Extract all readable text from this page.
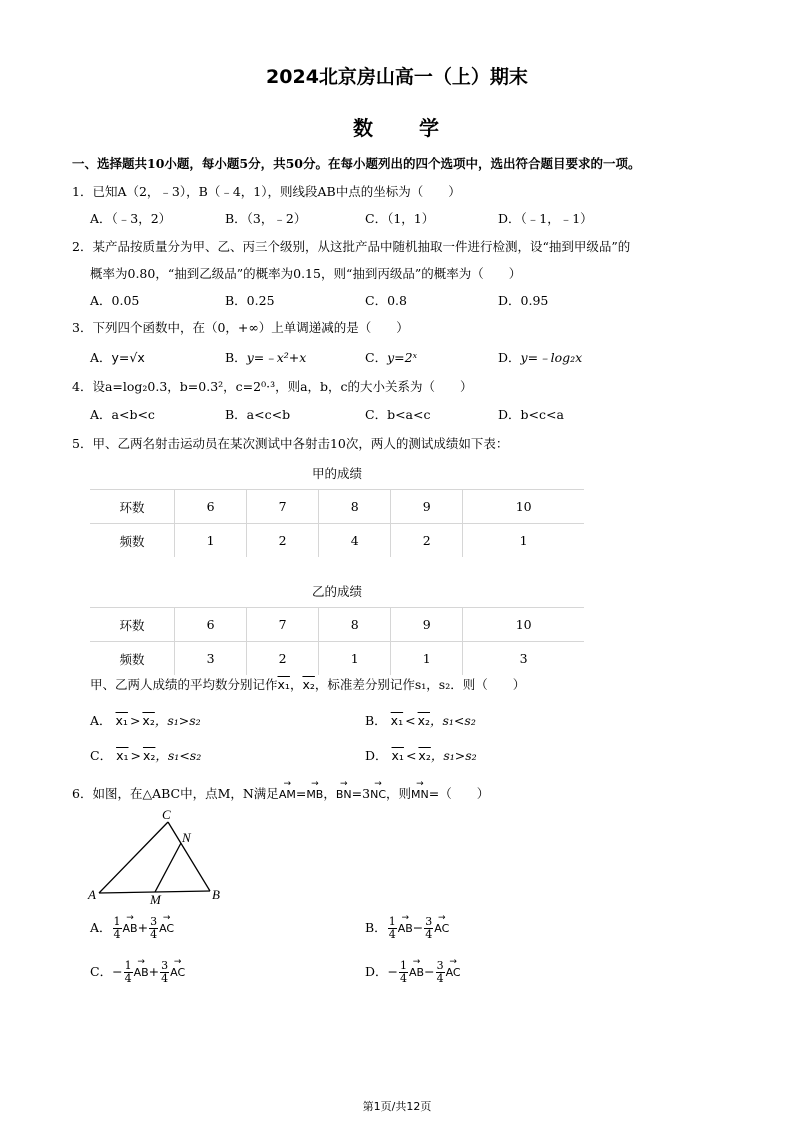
2024北京房山高一（上）期末
数　　学
一、选择题共10小题，每小题5分，共50分。在每小题列出的四个选项中，选出符合题目要求的一项。
1．已知A（2，﹣3），B（﹣4，1），则线段AB中点的坐标为（　　）
A．（﹣3，2）	B．（3，﹣2）	C．（1，1）	D．（﹣1，﹣1）
2．某产品按质量分为甲、乙、丙三个级别，从这批产品中随机抽取一件进行检测，设“抽到甲级品”的
概率为0.80，“抽到乙级品”的概率为0.15，则“抽到丙级品”的概率为（　　）
A．0.05	B．0.25	C．0.8	D．0.95
3．下列四个函数中，在（0，+∞）上单调递减的是（　　）
A．y=√x	B．y=﹣x²+x	C．y=2ˣ	D．y=﹣log₂x
4．设a=log₂0.3，b=0.3²，c=2⁰·³，则a，b，c的大小关系为（　　）
A．a<b<c	B．a<c<b	C．b<a<c	D．b<c<a
5．甲、乙两名射击运动员在某次测试中各射击10次，两人的测试成绩如下表：
甲的成绩					
环数	6	7	8	9	10
频数	1	2	4	2	1
乙的成绩					
环数	6	7	8	9	10
频数	3	2	1	1	3
甲、乙两人成绩的平均数分别记作x₁，x₂，标准差分别记作s₁，s₂．则（　　）
A． x₁ > x₂，s₁>s₂	B． x₁ < x₂，s₁<s₂
C． x₁ > x₂，s₁<s₂	D． x₁ < x₂，s₁>s₂
6．如图，在△ABC中，点M，N满足→ AM=→ MB，→ BN=3→ NC，则→ MN=（　　）
C
N
A	M	B
A． $\frac{1}{4} \to AB+ \frac{3}{4}$ → AC	B． $\frac{1}{4} \to AB- \frac{3}{4}$ → AC
C．− $\frac{1}{4} \to AB+ \frac{3}{4}$ → AC	D．− $\frac{1}{4} \to AB- \frac{3}{4}$ → AC
第1页/共12页
